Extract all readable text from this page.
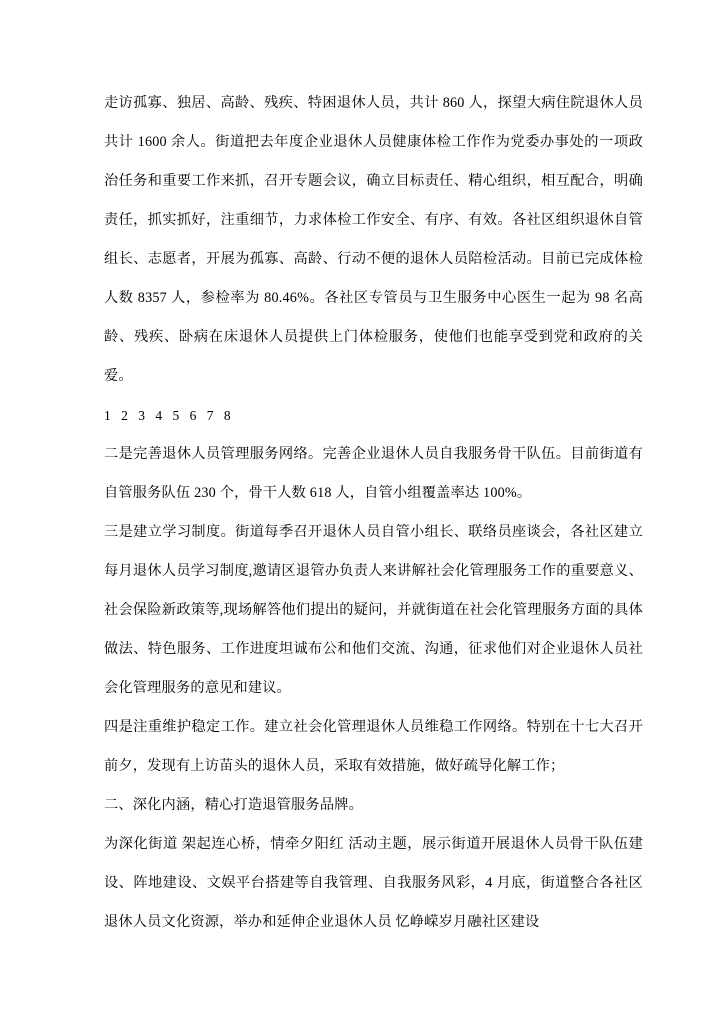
走访孤寡、独居、高龄、残疾、特困退休人员，共计 860 人，探望大病住院退休人员共计 1600 余人。街道把去年度企业退休人员健康体检工作作为党委办事处的一项政治任务和重要工作来抓，召开专题会议，确立目标责任、精心组织，相互配合，明确责任，抓实抓好，注重细节，力求体检工作安全、有序、有效。各社区组织退休自管组长、志愿者，开展为孤寡、高龄、行动不便的退休人员陪检活动。目前已完成体检人数 8357 人，参检率为 80.46%。各社区专管员与卫生服务中心医生一起为 98 名高龄、残疾、卧病在床退休人员提供上门体检服务，使他们也能享受到党和政府的关爱。

1 2 3 4 5 6 7 8

二是完善退休人员管理服务网络。完善企业退休人员自我服务骨干队伍。目前街道有自管服务队伍 230 个，骨干人数 618 人，自管小组覆盖率达 100%。

三是建立学习制度。街道每季召开退休人员自管小组长、联络员座谈会，各社区建立每月退休人员学习制度,邀请区退管办负责人来讲解社会化管理服务工作的重要意义、社会保险新政策等,现场解答他们提出的疑问，并就街道在社会化管理服务方面的具体做法、特色服务、工作进度坦诚布公和他们交流、沟通，征求他们对企业退休人员社会化管理服务的意见和建议。

四是注重维护稳定工作。建立社会化管理退休人员维稳工作网络。特别在十七大召开前夕，发现有上访苗头的退休人员，采取有效措施，做好疏导化解工作；

二、深化内涵，精心打造退管服务品牌。

为深化街道 架起连心桥，情牵夕阳红 活动主题，展示街道开展退休人员骨干队伍建设、阵地建设、文娱平台搭建等自我管理、自我服务风彩，4 月底，街道整合各社区退休人员文化资源，举办和延伸企业退休人员 忆峥嵘岁月融社区建设
